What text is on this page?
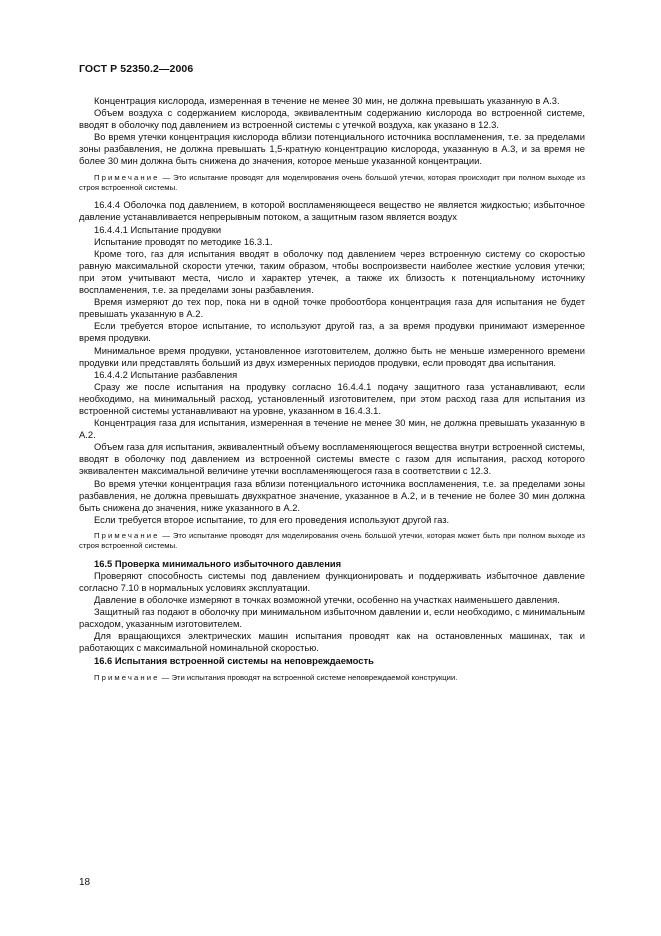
ГОСТ Р 52350.2—2006

Концентрация кислорода, измеренная в течение не менее 30 мин, не должна превышать указанную в А.3.

Объем воздуха с содержанием кислорода, эквивалентным содержанию кислорода во встроенной системе, вводят в оболочку под давлением из встроенной системы с утечкой воздуха, как указано в 12.3.

Во время утечки концентрация кислорода вблизи потенциального источника воспламенения, т.е. за пределами зоны разбавления, не должна превышать 1,5-кратную концентрацию кислорода, указанную в А.3, и за время не более 30 мин должна быть снижена до значения, которое меньше указанной концентрации.

Примечание — Это испытание проводят для моделирования очень большой утечки, которая происходит при полном выходе из строя встроенной системы.

16.4.4 Оболочка под давлением, в которой воспламеняющееся вещество не является жидкостью; избыточное давление устанавливается непрерывным потоком, а защитным газом является воздух

16.4.4.1 Испытание продувки

Испытание проводят по методике 16.3.1.

Кроме того, газ для испытания вводят в оболочку под давлением через встроенную систему со скоростью равную максимальной скорости утечки, таким образом, чтобы воспроизвести наиболее жесткие условия утечки; при этом учитывают места, число и характер утечек, а также их близость к потенциальному источнику воспламенения, т.е. за пределами зоны разбавления.

Время измеряют до тех пор, пока ни в одной точке пробоотбора концентрация газа для испытания не будет превышать указанную в А.2.

Если требуется второе испытание, то используют другой газ, а за время продувки принимают измеренное время продувки.

Минимальное время продувки, установленное изготовителем, должно быть не меньше измеренного времени продувки или представлять больший из двух измеренных периодов продувки, если проводят два испытания.

16.4.4.2 Испытание разбавления

Сразу же после испытания на продувку согласно 16.4.4.1 подачу защитного газа устанавливают, если необходимо, на минимальный расход, установленный изготовителем, при этом расход газа для испытания из встроенной системы устанавливают на уровне, указанном в 16.4.3.1.

Концентрация газа для испытания, измеренная в течение не менее 30 мин, не должна превышать указанную в А.2.

Объем газа для испытания, эквивалентный объему воспламеняющегося вещества внутри встроенной системы, вводят в оболочку под давлением из встроенной системы вместе с газом для испытания, расход которого эквивалентен максимальной величине утечки воспламеняющегося газа в соответствии с 12.3.

Во время утечки концентрация газа вблизи потенциального источника воспламенения, т.е. за пределами зоны разбавления, не должна превышать двухкратное значение, указанное в А.2, и в течение не более 30 мин должна быть снижена до значения, ниже указанного в А.2.

Если требуется второе испытание, то для его проведения используют другой газ.

Примечание — Это испытание проводят для моделирования очень большой утечки, которая может быть при полном выходе из строя встроенной системы.

16.5 Проверка минимального избыточного давления

Проверяют способность системы под давлением функционировать и поддерживать избыточное давление согласно 7.10 в нормальных условиях эксплуатации.

Давление в оболочке измеряют в точках возможной утечки, особенно на участках наименьшего давления.

Защитный газ подают в оболочку при минимальном избыточном давлении и, если необходимо, с минимальным расходом, указанным изготовителем.

Для вращающихся электрических машин испытания проводят как на остановленных машинах, так и работающих с максимальной номинальной скоростью.

16.6 Испытания встроенной системы на неповреждаемость

Примечание — Эти испытания проводят на встроенной системе неповреждаемой конструкции.

18
